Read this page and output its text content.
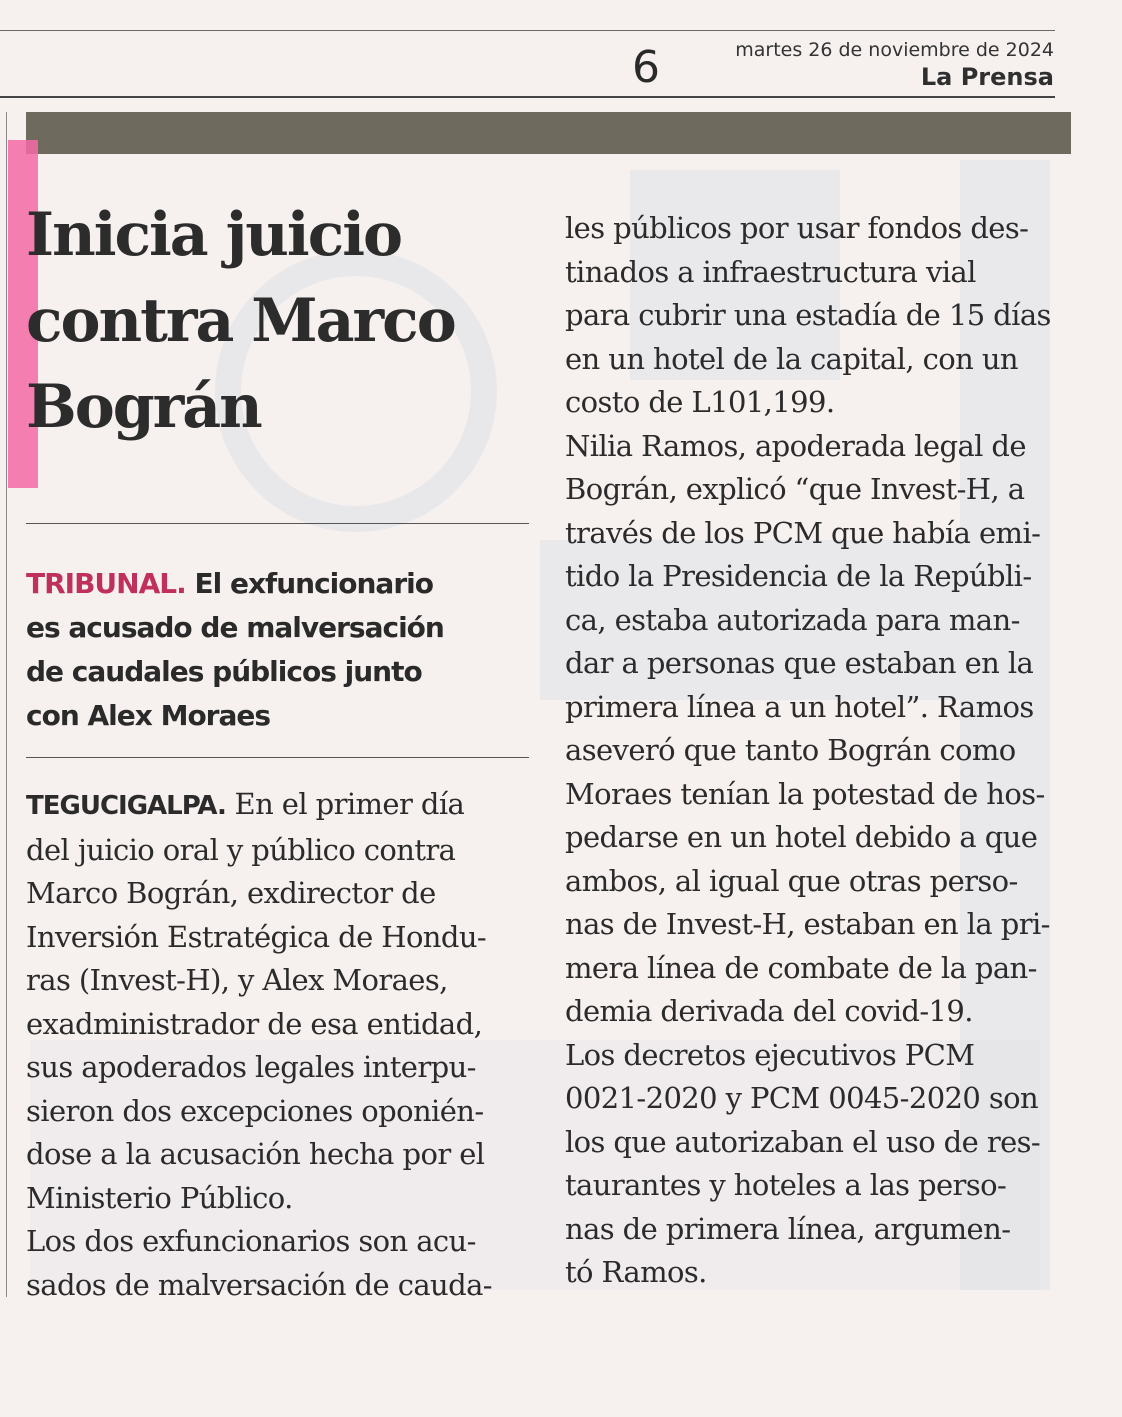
6	martes 26 de noviembre de 2024
La Prensa
Inicia juicio
contra Marco
Bográn

TRIBUNAL. El exfuncionario
es acusado de malversación
de caudales públicos junto
con Alex Moraes

TEGUCIGALPA. En el primer día
del juicio oral y público contra
Marco Bográn, exdirector de
Inversión Estratégica de Hondu-
ras (Invest-H), y Alex Moraes,
exadministrador de esa entidad,
sus apoderados legales interpu-
sieron dos excepciones oponién-
dose a la acusación hecha por el
Ministerio Público.
Los dos exfuncionarios son acu-
sados de malversación de cauda-
les públicos por usar fondos des-
tinados a infraestructura vial
para cubrir una estadía de 15 días
en un hotel de la capital, con un
costo de L101,199.
Nilia Ramos, apoderada legal de
Bográn, explicó “que Invest-H, a
través de los PCM que había emi-
tido la Presidencia de la Repúbli-
ca, estaba autorizada para man-
dar a personas que estaban en la
primera línea a un hotel”. Ramos
aseveró que tanto Bográn como
Moraes tenían la potestad de hos-
pedarse en un hotel debido a que
ambos, al igual que otras perso-
nas de Invest-H, estaban en la pri-
mera línea de combate de la pan-
demia derivada del covid-19.
Los decretos ejecutivos PCM
0021-2020 y PCM 0045-2020 son
los que autorizaban el uso de res-
taurantes y hoteles a las perso-
nas de primera línea, argumen-
tó Ramos.
